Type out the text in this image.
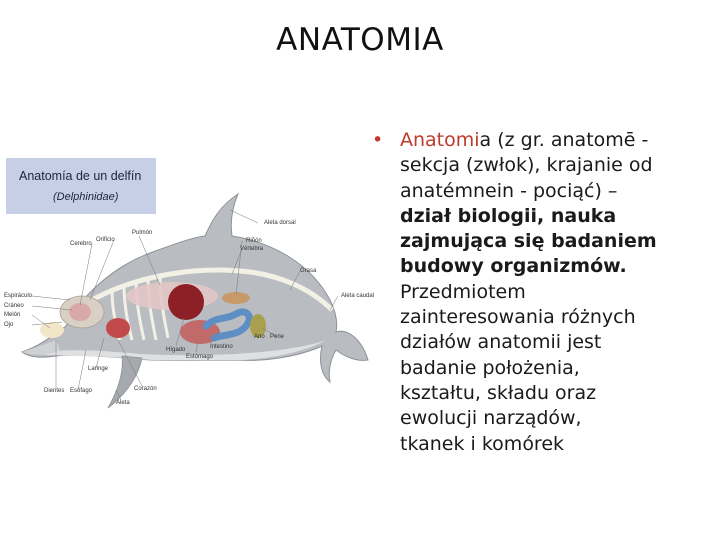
ANATOMIA
Anatomía de un delfín
(Delphinidae)
Pulmón
Aleta dorsal
Orificio
Cerebro	Riñón
Vértebra
Grasa
Espiráculo
Cráneo
Melón
Ojo
Aleta caudal
Hígado	Intestino
Ano Pene
Estómago
Laringe
Dientes Esófago	Corazón
Aleta
• Anatomia (z gr. anatomē -
sekcja (zwłok), krajanie od
anatémnein - pociąć) –
dział biologii, nauka
zajmująca się badaniem
budowy organizmów.
Przedmiotem
zainteresowania różnych
działów anatomii jest
badanie położenia,
kształtu, składu oraz
ewolucji narządów,
tkanek i komórek
